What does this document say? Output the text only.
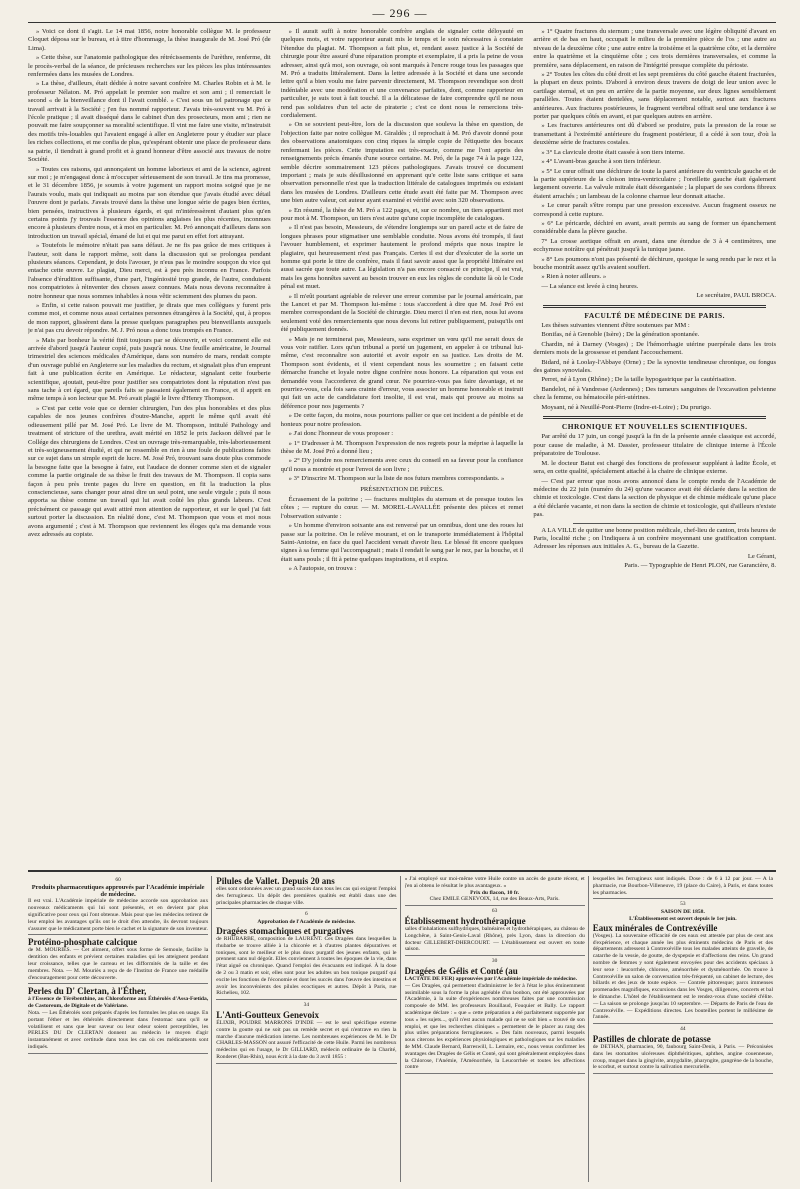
— 296 —

» Voici ce dont il s'agit. Le 14 mai 1856, notre honorable collègue M. le professeur Cloquet déposa sur le bureau, et à titre d'hommage, la thèse inaugurale de M. José Pró (de Lima).

» Cette thèse, sur l'anatomie pathologique des rétrécissements de l'urèthre, renferme, dit le procès-verbal de la séance, de précieuses recherches sur les pièces les plus intéressantes renfermées dans les musées de Londres.

» La thèse, d'ailleurs, était dédiée à notre savant confrère M. Charles Robin et à M. le professeur Nélaton. M. Pró appelait le premier son maître et son ami ; il remerciait le second « de la bienveillance dont il l'avait comblé. » C'est sous un tel patronage que ce travail arrivait à la Société ; j'en fus nommé rapporteur. J'avais très-souvent vu M. Pró à l'école pratique ; il avait disséqué dans le cabinet d'un des prosecteurs, mon ami ; rien ne pouvait me faire soupçonner sa moralité scientifique. Il vint me faire une visite, m'instruisit des motifs très-louables qui l'avaient engagé à aller en Angleterre pour y étudier sur place les riches collections, et me confia de plus, qu'espérant obtenir une place de professeur dans sa patrie, il tiendrait à grand profit et à grand honneur d'être associé aux travaux de notre Société.

» Toutes ces raisons, qui annonçaient un homme laborieux et ami de la science, agirent sur moi ; je m'engageai donc à m'occuper sérieusement de son travail. Je tins ma promesse, et le 31 décembre 1856, je soumis à votre jugement un rapport moins soigné que je ne l'aurais voulu, mais qui indiquait au moins par son étendue que j'avais étudié avec détail l'œuvre dont je parlais. J'avais trouvé dans la thèse une longue série de pages bien écrites, bien pensées, instructives à plusieurs égards, et qui m'intéressèrent d'autant plus qu'en certains points j'y trouvais l'essence des opinions anglaises les plus récentes, inconnues encore à plusieurs d'entre nous, et à moi en particulier. M. Pró annonçait d'ailleurs dans son introduction un travail spécial, émané de lui et qui me parut en effet fort attrayant.

» Toutefois le mémoire n'était pas sans défaut. Je ne fis pas grâce de mes critiques à l'auteur, soit dans le rapport même, soit dans la discussion qui se prolongea pendant plusieurs séances. Cependant, je dois l'avouer, je n'eus pas le moindre soupçon du vice qui entache cette œuvre. Le plagiat, Dieu merci, est à peu près inconnu en France. Parfois l'absence d'érudition suffisante, d'une part, l'ingéniosité trop grande, de l'autre, conduisent nos compatriotes à réinventer des choses assez connues. Mais nous devons reconnaître à notre honneur que nous sommes inhabiles à nous vêtir sciemment des plumes du paon.

» Enfin, si cette raison pouvait me justifier, je dirais que mes collègues y furent pris comme moi, et comme nous aussi certaines personnes étrangères à la Société, qui, à propos de mon rapport, glissèrent dans la presse quelques paragraphes peu bienveillants auxquels je n'ai pas cru devoir répondre. M. J. Pró nous a donc tous trompés en France.

» Mais par bonheur la vérité finit toujours par se découvrir, et voici comment elle est arrivée d'abord jusqu'à l'auteur copié, puis jusqu'à nous. Une feuille américaine, le Journal trimestriel des sciences médicales d'Amérique, dans son numéro de mars, rendait compte d'un ouvrage publié en Angleterre sur les maladies du rectum, et signalait plus d'un emprunt fait à une publication écrite en Amérique. Le rédacteur, signalant cette fourberie scientifique, ajoutait, peut-être pour justifier ses compatriotes dont la réputation n'est pas sans tache à cet égard, que pareils faits se passaient également en France, et il apprit en même temps à son lecteur que M. Pró avait plagié le livre d'Henry Thompson.

» C'est par cette voie que ce dernier chirurgien, l'un des plus honorables et des plus capables de nos jeunes confrères d'outre-Manche, apprit le même qu'il avait été odieusement pillé par M. José Pró. Le livre de M. Thompson, intitulé Pathology and treatment of stricture of the urethra, avait mérité en 1852 le prix Jackson délivré par le Collége des chirurgiens de Londres. C'est un ouvrage très-remarquable, très-laborieusement et très-soigneusement étudié, et qui ne ressemble en rien à une foule de publications faites sur ce sujet dans un simple esprit de lucre. M. José Pró, trouvant sans doute plus commode la besogne faite que la besogne à faire, eut l'audace de donner comme sien et de signaler comme la partie originale de sa thèse le fruit des travaux de M. Thompson. Il copia sans façon à peu près trente pages du livre en question, en fit la traduction la plus consciencieuse, sans changer pour ainsi dire un seul point, une seule virgule ; puis il nous apporta sa thèse comme un travail qui lui avait coûté les plus grands labeurs. C'est précisément ce passage qui avait attiré mon attention de rapporteur, et sur le quel j'ai fait surtout porter la discussion. En réalité donc, c'est M. Thompson que vous et moi nous avons argumenté ; c'est à M. Thompson que reviennent les éloges qu'a ma demande vous avez adressés au copiste.

» Il aurait suffi à notre honorable confrère anglais de signaler cette déloyauté en quelques mots, et votre rapporteur aurait mis le temps et le soin nécessaires à constater l'étendue du plagiat. M. Thompson a fait plus, et, rendant assez justice à la Société de chirurgie pour être assuré d'une réparation prompte et exemplaire, il a pris la peine de vous adresser, ainsi qu'à moi, son ouvrage, où sont marqués à l'encre rouge tous les passages que M. Pró a traduits littéralement. Dans la lettre adressée à la Société et dans une seconde lettre qu'il a bien voulu me faire parvenir directement, M. Thompson revendique son droit indéniable avec une modération et une convenance parfaites, dont, comme rapporteur en particulier, je suis tout à fait touché. Il a la délicatesse de faire comprendre qu'il ne nous rend pas solidaires d'un tel acte de piraterie ; c'est ce dont nous le remercions très-cordialement.

» On se souvient peut-être, lors de la discussion que souleva la thèse en question, de l'objection faite par notre collègue M. Giraldès ; il reprochait à M. Pró d'avoir donné pour des observations anatomiques con cinq riques la simple copie de l'étiquette des bocaux renfermant les pièces. Cette imputation est très-exacte, comme me l'ont appris des renseignements précis émanés d'une source certaine. M. Pró, de la page 74 à la page 122, semble décrire sommairement 123 pièces pathologiques. J'avais trouvé ce document important ; mais je suis désillusionné en apprenant qu'e cette liste sans critique et sans observation personnelle n'est que la traduction littérale de catalogues imprimés ou existant dans les musées de Londres. D'ailleurs cette étude avait été faite par M. Thompson avec une bien autre valeur, cet auteur ayant examiné et vérifié avec soin 320 observations.

» En résumé, la thèse de M. Pró a 122 pages, et, sur ce nombre, un tiers appartient mot pour mot à M. Thompson, un tiers n'est autre qu'une copie incomplète de catalogues.

» Il n'est pas besoin, Messieurs, de s'étendre longtemps sur un pareil acte et de faire de longues phrases pour stigmatiser une semblable conduite. Nous avons été trompés, il faut l'avouer humblement, et exprimer hautement le profond mépris que nous inspire le plagiaire, qui heureusement n'est pas Français. Certes il est dur d'exécuter de la sorte un homme qui porte le titre de confrère, mais il faut savoir aussi que la propriété littéraire est aussi sacrée que toute autre. La législation n'a pas encore consacré ce principe, il est vrai, mais les gens honnêtes savent au besoin trouver en eux les règles de conduite là où le Code pénal est muet.

» Il m'eût pourtant agréable de relever une erreur commise par le journal américain, par the Lancet et par M. Thompson lui-même : tous s'accordent à dire que M. José Pró est membre correspondant de la Société de chirurgie. Dieu merci il n'en est rien, nous lui avons seulement voté des remerciements que nous devons lui retirer publiquement, puisqu'ils ont été publiquement donnés.

» Mais je ne terminerai pas, Messieurs, sans exprimer un vœu qu'il me serait doux de vous voir ratifier. Lors qu'un tribunal a porté un jugement, en appeler à ce tribunal lui-même, c'est reconnaître son autorité et avoir espoir en sa justice. Les droits de M. Thompson sont évidents, et il vient cependant nous les soumettre ; en faisant cette démarche franche et loyale notre digne confrère nous honore. La réparation qui vous est demandée vous l'accorderez de grand cœur. Ne pourriez-vous pas faire davantage, et ne pourriez-vous, cela fois sans crainte d'erreur, vous associer un homme honorable et instruit qui fait un acte de candidature fort insolite, il est vrai, mais qui prouve au moins sa déférence pour nos jugements ?

» De cette façon, du moins, nous pourrions pallier ce que cet incident a de pénible et de honteux pour notre profession.

» J'ai donc l'honneur de vous proposer :

» 1° D'adresser à M. Thompson l'expression de nos regrets pour la méprise à laquelle la thèse de M. José Pró a donné lieu ;

» 2° D'y joindre nos remerciements avec ceux du conseil en sa faveur pour la confiance qu'il nous a montrée et pour l'envoi de son livre ;

» 3° D'inscrire M. Thompson sur la liste de nos futurs membres correspondants. »

PRÉSENTATION DE PIÈCES.

Écrasement de la poitrine ; — fractures multiples du sternum et de presque toutes les côtes ; — rupture du cœur. — M. MOREL-LAVALLÉE présente des pièces et remet l'observation suivante :

» Un homme d'environ soixante ans est renversé par un omnibus, dont une des roues lui passe sur la poitrine. On le relève mourant, et on le transporte immédiatement à l'hôpital Saint-Antoine, en face du quel l'accident venait d'avoir lieu. Le blessé fit encore quelques signes à sa femme qui l'accompagnait ; mais il rendait le sang par le nez, par la bouche, et il était sans pouls ; il fit à peine quelques inspirations, et il expira.

» A l'autopsie, on trouva :

» 1° Quatre fractures du sternum ; une transversale avec une légère obliquité d'avant en arrière et de bas en haut, occupait le milieu de la première pièce de l'os ; une autre au niveau de la deuxième côte ; une autre entre la troisième et la quatrième côte, et la dernière entre la quatrième et la cinquième côte ; ces trois dernières transversales, et comme la première, sans déplacement, en raison de l'intégrité presque complète du périoste.

» 2° Toutes les côtes du côté droit et les sept premières du côté gauche étaient fracturées, la plupart en deux points. D'abord à environ deux travers de doigt de leur union avec le cartilage sternal, et un peu en arrière de la partie moyenne, sur deux lignes sensiblement parallèles. Toutes étaient dentelées, sans déplacement notable, surtout aux fractures antérieures. Aux fractures postérieures, le fragment vertébral offrait seul une tendance à se porter par quelques côtés en avant, et par quelques autres en arrière.

» Les fractures antérieures ont dû d'abord se produire, puis la pression de la roue se transmettant à l'extrémité antérieure du fragment postérieur, il a cédé à son tour, d'où la deuxième série de fractures costales.

» 3° La clavicule droite était cassée à son tiers interne.

» 4° L'avant-bras gauche à son tiers inférieur.

» 5° Le cœur offrait une déchirure de toute la paroi antérieure du ventricule gauche et de la partie supérieure de la cloison intra-ventriculaire ; l'oreillette gauche était également largement ouverte. La valvule mitrale était désorganisée ; la plupart de ses cordons fibreux étaient arrachés ; un lambeau de la colonne charnue leur donnait attache.

» Le cœur paraît s'être rompu par une pression excessive. Aucun fragment osseux ne correspond à cette rupture.

» 6° Le péricarde, déchiré en avant, avait permis au sang de former un épanchement considérable dans la plèvre gauche.

7° La crosse aortique offrait en avant, dans une étendue de 3 à 4 centimètres, une ecchymose noirâtre qui pénétrait jusqu'à la tunique jaune.

» 8° Les poumons n'ont pas présenté de déchirure, quoique le sang rendu par le nez et la bouche montrât assez qu'ils avaient souffert.

» Rien à noter ailleurs. »

— La séance est levée à cinq heures.

Le secrétaire, PAUL BROCA.

FACULTÉ DE MÉDECINE DE PARIS.

Les thèses suivantes viennent d'être soutenues par MM :

Bonifas, né à Grenoble (Isère) ; De la génération spontanée.

Chardin, né à Darney (Vosges) ; De l'hémorrhagie utérine puerpérale dans les trois derniers mois de la grossesse et pendant l'accouchement.

Bidard, né à Loolay-l'Abbaye (Orne) ; De la synovite tendineuse chronique, ou fongus des gaines synoviales.

Perret, né à Lyon (Rhône) ; De la taille hypogastrique par la cautérisation.

Bandelot, né à Vandresse (Ardennes) ; Des tumeurs sanguines de l'excavation pelvienne chez la femme, ou hématocèle péri-utérines.

Moysant, né à Neuillé-Pont-Pierre (Indre-et-Loire) ; Du prurigo.

CHRONIQUE ET NOUVELLES SCIENTIFIQUES.

Par arrêté du 17 juin, un congé jusqu'à la fin de la présente année classique est accordé, pour cause de maladie, à M. Dassier, professeur titulaire de clinique interne à l'École préparatoire de Toulouse.

M. le docteur Batut est chargé des fonctions de professeur suppléant à ladite École, et sera, en cette qualité, spécialement attaché à la chaire de clinique externe.

— C'est par erreur que nous avons annoncé dans le compte rendu de l'Académie de médecine du 22 juin (numéro du 24) qu'une vacance avait été déclarée dans la section de chimie et toxicologie. C'est dans la section de physique et de chimie médicale qu'une place a été déclarée vacante, et non dans la section de chimie et toxicologie, qui d'ailleurs n'existe pas.

A LA VILLE de quitter une bonne position médicale, chef-lieu de canton, trois heures de Paris, localité riche ; on l'indiquera à un confrère moyennant une gratification comptant. Adresser les réponses aux initiales A. G., bureau de la Gazette.

Le Gérant,

Paris. — Typographie de Henri PLON, rue Garancière, 8.

60

Produits pharmaceutiques approuvés par l'Académie impériale de médecine.

Il est vrai. L'Académie impériale de médecine accorde son approbation aux nouveaux médicaments qui lui sont présentés, et en devient par plus significative pour ceux qui l'ont obtenue. Mais pour que les médecins retirent de leur emploi les avantages qu'ils ont le droit d'en attendre, ils devront toujours s'assurer que le médicament porte bien le cachet et la signature de son inventeur.

Protéino-phosphate calcique

de M. MOURIÈS. — Cet aliment, offert sous forme de Semoule, facilite la dentition des enfants et prévient certaines maladies qui les atteignent pendant leur croissance, telles que le carreau et les difformités de la taille et des membres. Nota. — M. Mouriès a reçu de de l'Institut de France une médaille d'encouragement pour cette découverte.

Perles du D' Clertan, à l'Éther,

à l'Essence de Térébenthine, au Chloroforme aux Éthérolés d'Assa-Fœtida, de Castoreum, de Digitale et de Valériane.

Nota. — Les Éthérolés sont préparés d'après les formules les plus en usage. En portant l'éther et les éthérolés directement dans l'estomac sans qu'il se volatilisent et sans que leur saveur ou leur odeur soient perceptibles, les PERLES DU Dr CLERTAN donnent au médecin le moyen d'agir instantanément et avec certitude dans tous les cas où ces médicaments sont indiqués.

Pilules de Vallet. Depuis 20 ans

elles sont ordonnées avec un grand succès dans tous les cas qui exigent l'emploi des ferrugineux. Un dépôt des premières qualités est établi dans une des principales pharmacies de chaque ville.

6

Approbation de l'Académie de médecine.

Dragées stomachiques et purgatives

de RHUBARBE, composition de LAURENT. Ces Dragées dans lesquelles la rhubarbe se trouve alliée à la chicorée et à d'autres plantes dépuratives et toniques, sont le meilleur et le plus doux purgatif des jeunes enfants, qui le prennent sans nul dégoût. Elles conviennent à toutes les époques de la vie, dans l'état aiguë ou chronique. Quand l'emploi des évacuants est indiqué. À la dose de 2 ou 3 matin et soir, elles sont pour les adultes un bon tonique purgatif qui excite les fonctions de l'économie et dont les succès dans l'œuvre des intestins et avoir les inconvénients des pilules ecoctiques et autres. Dépôt à Paris, rue Richelieu, 102.

34

L'Anti-Goutteux Genevoix

ÉLIXIR, POUDRE MARRONS D'INDE — est le seul spécifique externe contre la goutte qui ne soit pas un remède secret et qui n'entrave en rien la marche d'aucune médication interne. Les nombreuses expériences de M. le Dr CHARLES-MASSON ont assuré l'efficacité de cette Huile. Parmi les nombreux médecins qui en l'usage, le Dr GILLIARD, médecin ordinaire de la Charité, Ronderet (Bas-Rhin), nous écrit à la date du 3 avril 1855 :

« J'ai employé sur moi-même votre Huile contre un accès de goutte récent, et j'en ai obtenu le résultat le plus avantageux. »

Prix du flacon, 10 fr.

Chez EMILE GENEVOIX, 14, rue des Beaux-Arts, Paris.

63

Établissement hydrothérapique

salles d'inhalations sulfhydriques, balnéaires et hydrothérapiques, au château de Longchêne, à Saint-Genis-Laval (Rhône), près Lyon, dans la direction du docteur GILLEBERT-DHERCOURT. — L'établissement est ouvert en toute saison.

30

Dragées de Gélis et Conté (au

LACTATE DE FER) approuvées par l'Académie impériale de médecine.

— Ces Dragées, qui permettent d'administrer le fer à l'état le plus éminemment assimilable sous la forme la plus agréable d'un bonbon, ont été approuvées par l'Académie, à la suite d'expériences nombreuses faites par une commission composée de MM. les professeurs Bouillaud, Fouquier et Bally. Le rapport académique déclare : « que » cette préparation a été parfaitement supportée par tous » les sujets..., qu'il n'est aucun malade qui ne se soit bien » trouvé de son emploi, et que les recherches cliniques » permettent de le placer au rang des plus utiles préparations ferrugineuses. » Des faits nouveaux, parmi lesquels nous citerons les expériences physiologiques et pathologiques sur les maladies de MM. Claude Bernard, Barreswill, L. Lemaire, etc., nous venus confirmer les avantages des Dragées de Gélis et Conté, qui sont généralement employées dans la Chlorose, l'Anémie, l'Aménorrhée, la Leucorrhée et toutes les affections contre

lesquelles les ferrugineux sont indiqués. Dose : de 6 à 12 par jour. — A la pharmacie, rue Bourbon-Villeneuve, 19 (place du Caire), à Paris, et dans toutes les pharmacies.

53

SAISON DE 1858.

L'Établissement est ouvert depuis le 1er juin.

Eaux minérales de Contrexéville

(Vosges). La souveraine efficacité de ces eaux est attestée par plus de cent ans d'expérience, et chaque année les plus éminents médecins de Paris et des départements adressent à Contrexéville tous les malades atteints de gravelle, de catarrhe de la vessie, de goutte, de dyspepsie et d'affections des reins. Un grand nombre de femmes y sont également envoyées pour des accidents spéciaux à leur sexe : leucorrhée, chlorose, aménorrhée et dysménorrhée. On trouve à Contrexéville un salon de conversation très-fréquenté, un cabinet de lecture, des billards et des jeux de toute espèce. — Contrée pittoresque; parcs immenses promenades magnifiques, excursions dans les Vosges, diligences, concerts et bal le dimanche. L'hôtel de l'établissement est le rendez-vous d'une société d'élite. — La saison se prolonge jusqu'au 10 septembre. — Départs de Paris de l'eau de Contrexéville. — Expéditions directes. Les bouteilles portent le millésime de l'année.

44

Pastilles de chlorate de potasse

de DETHAN, pharmacien, 90, faubourg Saint-Denis, à Paris. — Préconisées dans les stomatites ulcéreuses diphthéritiques, aphthes, angine couenneuse, croup, muguet dans la gingivite, amygdalite, pharyngite, gangrène de la bouche, le scorbut, et surtout contre la salivation mercurielle.
